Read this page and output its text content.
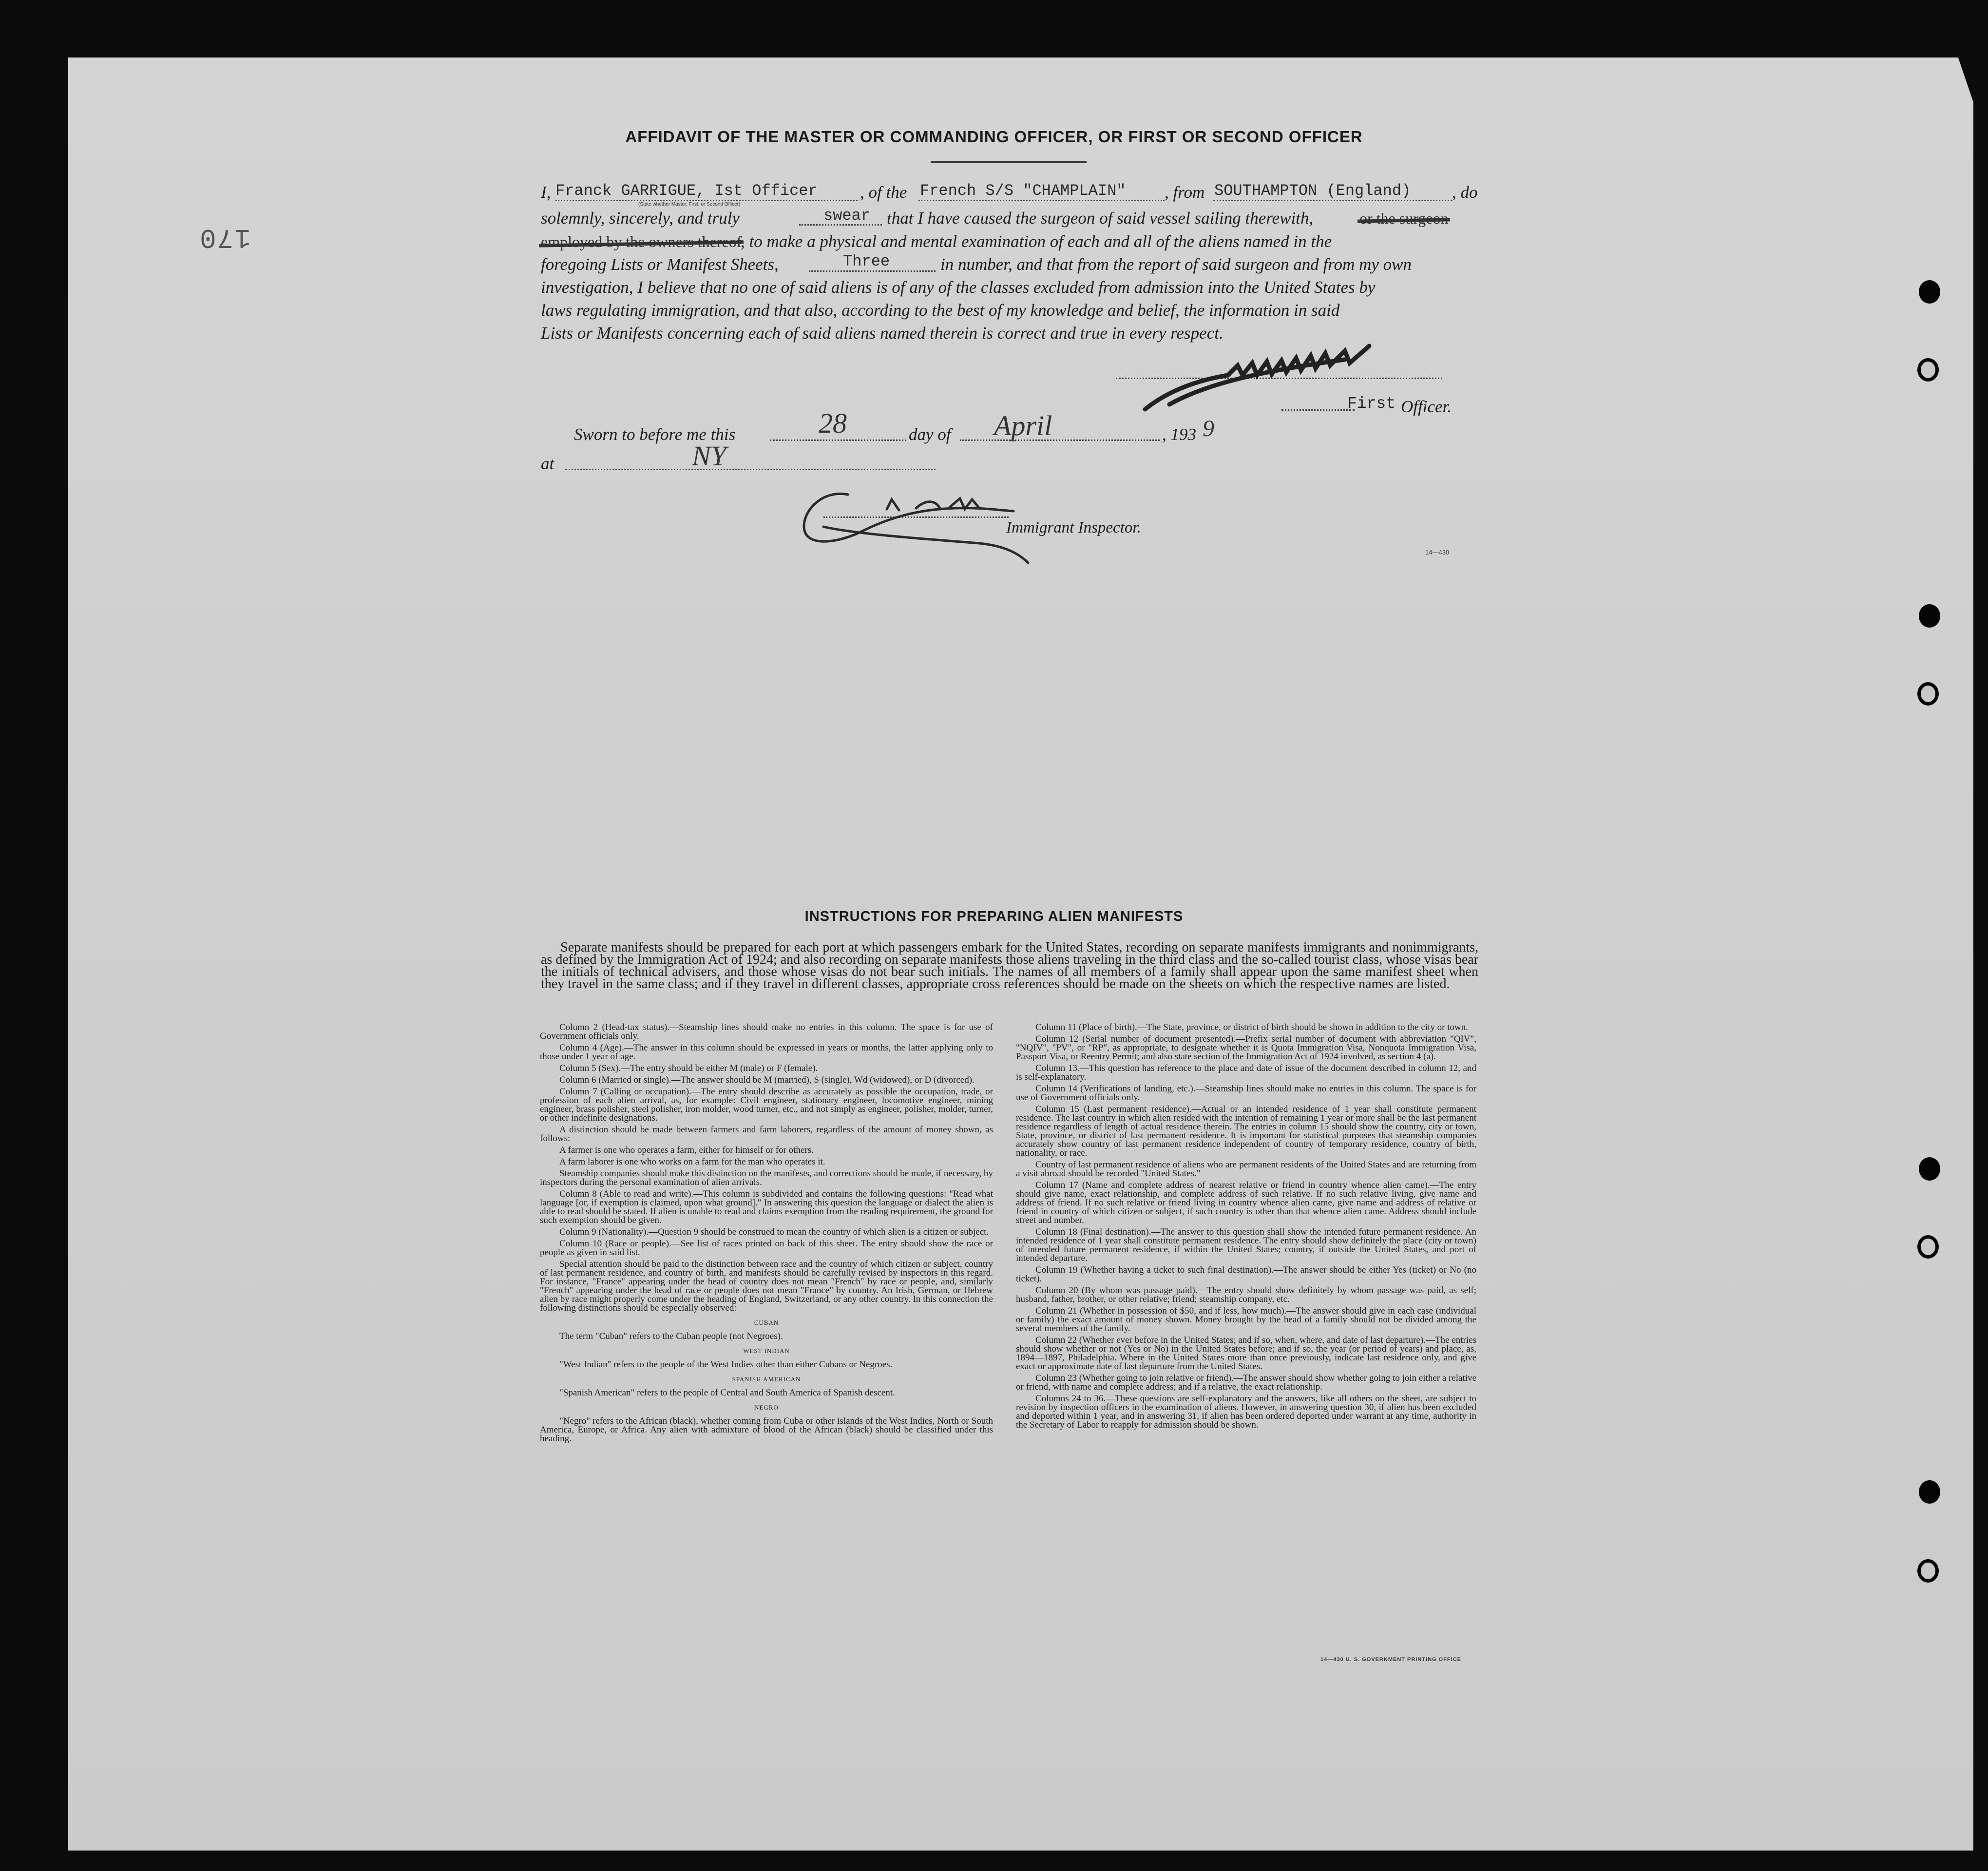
170
AFFIDAVIT OF THE MASTER OR COMMANDING OFFICER, OR FIRST OR SECOND OFFICER
I, Franck GARRIGUE, Ist Officer
(State whether Master, First, or Second Officer)
, of the French S/S "CHAMPLAIN" , from SOUTHAMPTON (England) , do
solemnly, sincerely, and truly	swear that I have caused the surgeon of said vessel sailing therewith,	or the surgeon
employed by the owners thereof
, to make a physical and mental examination of each and all of the aliens named in the
foregoing Lists or Manifest Sheets,	Three	in number, and that from the report of said surgeon and from my own
investigation, I believe that no one of said aliens is of any of the classes excluded from admission into the United States by
laws regulating immigration, and that also, according to the best of my knowledge and belief, the information in said
Lists or Manifests concerning each of said aliens named therein is correct and true in every respect.
First Officer.
Sworn to before me this	28	day of April	, 193 9
at	NY
Immigrant Inspector.
14—430
INSTRUCTIONS FOR PREPARING ALIEN MANIFESTS
Separate manifests should be prepared for each port at which passengers embark for the United States, recording on separate manifests immigrants and nonimmigrants, as defined by the Immigration Act of 1924; and also recording on separate manifests those aliens traveling in the third class and the so-called tourist class, whose visas bear the initials of technical advisers, and those whose visas do not bear such initials. The names of all members of a family shall appear upon the same manifest sheet when they travel in the same class; and if they travel in different classes, appropriate cross references should be made on the sheets on which the respective names are listed.

Column 2 (Head-tax status).—Steamship lines should make no entries in this column. The space is for use of Government officials only.

Column 4 (Age).—The answer in this column should be expressed in years or months, the latter applying only to those under 1 year of age.

Column 5 (Sex).—The entry should be either M (male) or F (female).

Column 6 (Married or single).—The answer should be M (married), S (single), Wd (widowed), or D (divorced).

Column 7 (Calling or occupation).—The entry should describe as accurately as possible the occupation, trade, or profession of each alien arrival, as, for example: Civil engineer, stationary engineer, locomotive engineer, mining engineer, brass polisher, steel polisher, iron molder, wood turner, etc., and not simply as engineer, polisher, molder, turner, or other indefinite designations.

A distinction should be made between farmers and farm laborers, regardless of the amount of money shown, as follows:

A farmer is one who operates a farm, either for himself or for others.

A farm laborer is one who works on a farm for the man who operates it.

Steamship companies should make this distinction on the manifests, and corrections should be made, if necessary, by inspectors during the personal examination of alien arrivals.

Column 8 (Able to read and write).—This column is subdivided and contains the following questions: "Read what language [or, if exemption is claimed, upon what ground]." In answering this question the language or dialect the alien is able to read should be stated. If alien is unable to read and claims exemption from the reading requirement, the ground for such exemption should be given.

Column 9 (Nationality).—Question 9 should be construed to mean the country of which alien is a citizen or subject.

Column 10 (Race or people).—See list of races printed on back of this sheet. The entry should show the race or people as given in said list.

Special attention should be paid to the distinction between race and the country of which citizen or subject, country of last permanent residence, and country of birth, and manifests should be carefully revised by inspectors in this regard. For instance, "France" appearing under the head of country does not mean "French" by race or people, and, similarly "French" appearing under the head of race or people does not mean "France" by country. An Irish, German, or Hebrew alien by race might properly come under the heading of England, Switzerland, or any other country. In this connection the following distinctions should be especially observed:

CUBAN

The term "Cuban" refers to the Cuban people (not Negroes).

WEST INDIAN

"West Indian" refers to the people of the West Indies other than either Cubans or Negroes.

SPANISH AMERICAN

"Spanish American" refers to the people of Central and South America of Spanish descent.

NEGRO

"Negro" refers to the African (black), whether coming from Cuba or other islands of the West Indies, North or South America, Europe, or Africa. Any alien with admixture of blood of the African (black) should be classified under this heading.

Column 11 (Place of birth).—The State, province, or district of birth should be shown in addition to the city or town.

Column 12 (Serial number of document presented).—Prefix serial number of document with abbreviation "QIV", "NQIV", "PV", or "RP", as appropriate, to designate whether it is Quota Immigration Visa, Nonquota Immigration Visa, Passport Visa, or Reentry Permit; and also state section of the Immigration Act of 1924 involved, as section 4 (a).

Column 13.—This question has reference to the place and date of issue of the document described in column 12, and is self-explanatory.

Column 14 (Verifications of landing, etc.).—Steamship lines should make no entries in this column. The space is for use of Government officials only.

Column 15 (Last permanent residence).—Actual or an intended residence of 1 year shall constitute permanent residence. The last country in which alien resided with the intention of remaining 1 year or more shall be the last permanent residence regardless of length of actual residence therein. The entries in column 15 should show the country, city or town, State, province, or district of last permanent residence. It is important for statistical purposes that steamship companies accurately show country of last permanent residence independent of country of temporary residence, country of birth, nationality, or race.

Country of last permanent residence of aliens who are permanent residents of the United States and are returning from a visit abroad should be recorded "United States."

Column 17 (Name and complete address of nearest relative or friend in country whence alien came).—The entry should give name, exact relationship, and complete address of such relative. If no such relative living, give name and address of friend. If no such relative or friend living in country whence alien came, give name and address of relative or friend in country of which citizen or subject, if such country is other than that whence alien came. Address should include street and number.

Column 18 (Final destination).—The answer to this question shall show the intended future permanent residence. An intended residence of 1 year shall constitute permanent residence. The entry should show definitely the place (city or town) of intended future permanent residence, if within the United States; country, if outside the United States, and port of intended departure.

Column 19 (Whether having a ticket to such final destination).—The answer should be either Yes (ticket) or No (no ticket).

Column 20 (By whom was passage paid).—The entry should show definitely by whom passage was paid, as self; husband, father, brother, or other relative; friend; steamship company, etc.

Column 21 (Whether in possession of $50, and if less, how much).—The answer should give in each case (individual or family) the exact amount of money shown. Money brought by the head of a family should not be divided among the several members of the family.

Column 22 (Whether ever before in the United States; and if so, when, where, and date of last departure).—The entries should show whether or not (Yes or No) in the United States before; and if so, the year (or period of years) and place, as, 1894—1897, Philadelphia. Where in the United States more than once previously, indicate last residence only, and give exact or approximate date of last departure from the United States.

Column 23 (Whether going to join relative or friend).—The answer should show whether going to join either a relative or friend, with name and complete address; and if a relative, the exact relationship.

Columns 24 to 36.—These questions are self-explanatory and the answers, like all others on the sheet, are subject to revision by inspection officers in the examination of aliens. However, in answering question 30, if alien has been excluded and deported within 1 year, and in answering 31, if alien has been ordered deported under warrant at any time, authority in the Secretary of Labor to reapply for admission should be shown.

14—430 U. S. GOVERNMENT PRINTING OFFICE
